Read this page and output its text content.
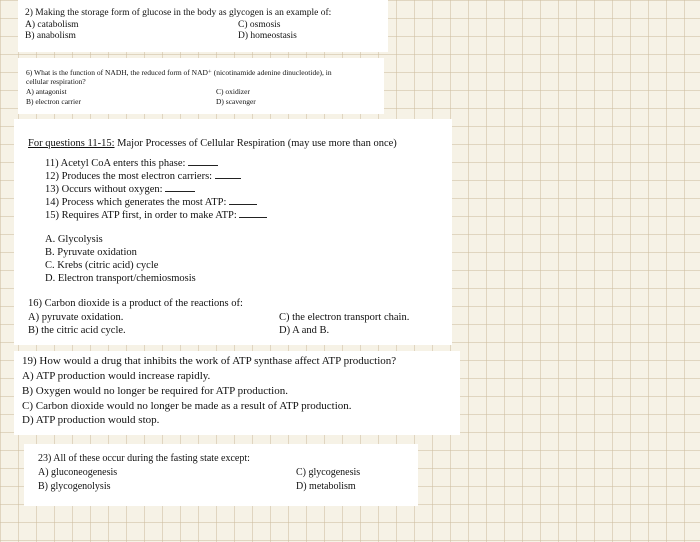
2) Making the storage form of glucose in the body as glycogen is an example of:
A) catabolism
B) anabolism
C) osmosis
D) homeostasis
6) What is the function of NADH, the reduced form of NAD⁺ (nicotinamide adenine dinucleotide), in
cellular respiration?
A) antagonist
B) electron carrier
C) oxidizer
D) scavenger
For questions 11-15: Major Processes of Cellular Respiration (may use more than once)
11) Acetyl CoA enters this phase:
12) Produces the most electron carriers:
13) Occurs without oxygen:
14) Process which generates the most ATP:
15) Requires ATP first, in order to make ATP:
A. Glycolysis
B. Pyruvate oxidation
C. Krebs (citric acid) cycle
D. Electron transport/chemiosmosis
16) Carbon dioxide is a product of the reactions of:
A) pyruvate oxidation.
B) the citric acid cycle.
C) the electron transport chain.
D) A and B.
19) How would a drug that inhibits the work of ATP synthase affect ATP production?
A) ATP production would increase rapidly.
B) Oxygen would no longer be required for ATP production.
C) Carbon dioxide would no longer be made as a result of ATP production.
D) ATP production would stop.
23) All of these occur during the fasting state except:
A) gluconeogenesis
B) glycogenolysis
C) glycogenesis
D) metabolism
